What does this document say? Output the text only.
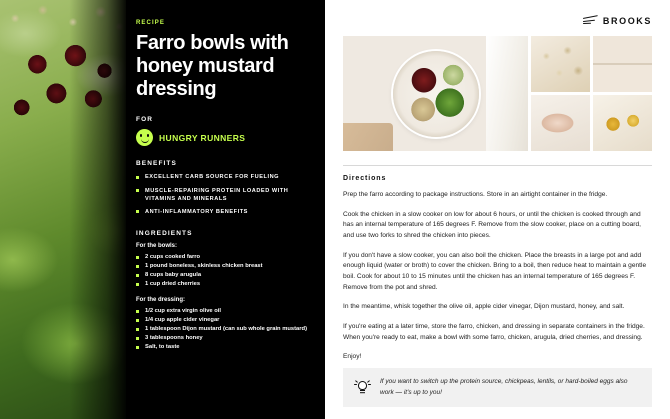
RECIPE
Farro bowls with honey mustard dressing
FOR
HUNGRY RUNNERS
BENEFITS
EXCELLENT CARB SOURCE FOR FUELING
MUSCLE-REPAIRING PROTEIN LOADED WITH VITAMINS AND MINERALS
ANTI-INFLAMMATORY BENEFITS
INGREDIENTS
For the bowls:
2 cups cooked farro
1 pound boneless, skinless chicken breast
8 cups baby arugula
1 cup dried cherries
For the dressing:
1/2 cup extra virgin olive oil
1/4 cup apple cider vinegar
1 tablespoon Dijon mustard (can sub whole grain mustard)
3 tablespoons honey
Salt, to taste
BROOKS
Directions

Prep the farro according to package instructions. Store in an airtight container in the fridge.

Cook the chicken in a slow cooker on low for about 6 hours, or until the chicken is cooked through and has an internal temperature of 165 degrees F. Remove from the slow cooker, place on a cutting board, and use two forks to shred the chicken into pieces.

If you don't have a slow cooker, you can also boil the chicken. Place the breasts in a large pot and add enough liquid (water or broth) to cover the chicken. Bring to a boil, then reduce heat to maintain a gentle boil. Cook for about 10 to 15 minutes until the chicken has an internal temperature of 165 degrees F. Remove from the pot and shred.

In the meantime, whisk together the olive oil, apple cider vinegar, Dijon mustard, honey, and salt.

If you're eating at a later time, store the farro, chicken, and dressing in separate containers in the fridge. When you're ready to eat, make a bowl with some farro, chicken, arugula, dried cherries, and dressing.

Enjoy!

If you want to switch up the protein source, chickpeas, lentils, or hard-boiled eggs also work — it's up to you!
